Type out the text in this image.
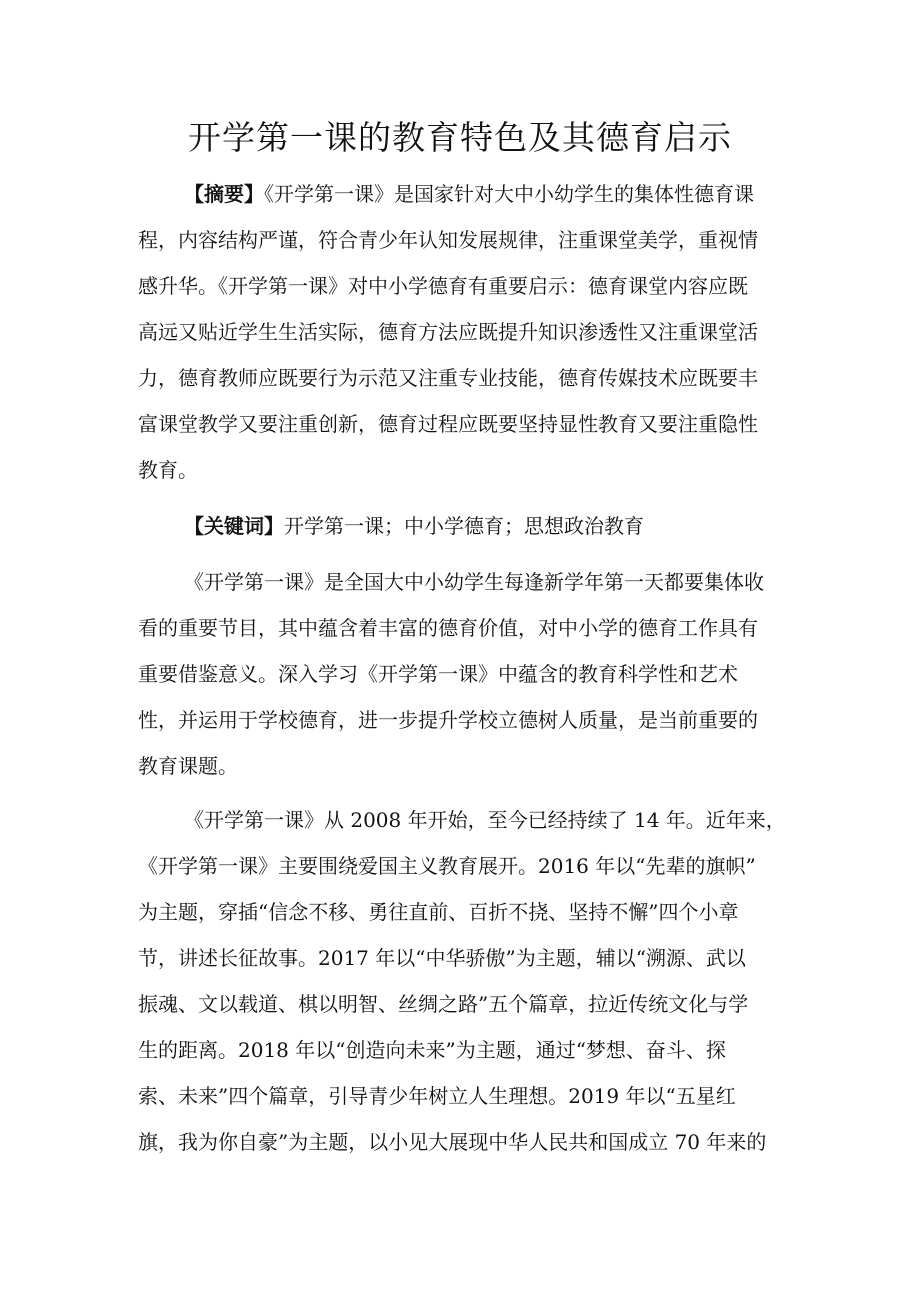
开学第一课的教育特色及其德育启示

【摘要】《开学第一课》是国家针对大中小幼学生的集体性德育课

程，内容结构严谨，符合青少年认知发展规律，注重课堂美学，重视情

感升华。《开学第一课》对中小学德育有重要启示：德育课堂内容应既

高远又贴近学生生活实际，德育方法应既提升知识渗透性又注重课堂活

力，德育教师应既要行为示范又注重专业技能，德育传媒技术应既要丰

富课堂教学又要注重创新，德育过程应既要坚持显性教育又要注重隐性

教育。

【关键词】开学第一课；中小学德育；思想政治教育

《开学第一课》是全国大中小幼学生每逢新学年第一天都要集体收

看的重要节目，其中蕴含着丰富的德育价值，对中小学的德育工作具有

重要借鉴意义。深入学习《开学第一课》中蕴含的教育科学性和艺术

性，并运用于学校德育，进一步提升学校立德树人质量，是当前重要的

教育课题。

《开学第一课》从 2008 年开始，至今已经持续了 14 年。近年来，

《开学第一课》主要围绕爱国主义教育展开。2016 年以“先辈的旗帜”

为主题，穿插“信念不移、勇往直前、百折不挠、坚持不懈”四个小章

节，讲述长征故事。2017 年以“中华骄傲”为主题，辅以“溯源、武以

振魂、文以载道、棋以明智、丝绸之路”五个篇章，拉近传统文化与学

生的距离。2018 年以“创造向未来”为主题，通过“梦想、奋斗、探

索、未来”四个篇章，引导青少年树立人生理想。2019 年以“五星红

旗，我为你自豪”为主题，以小见大展现中华人民共和国成立 70 年来的
